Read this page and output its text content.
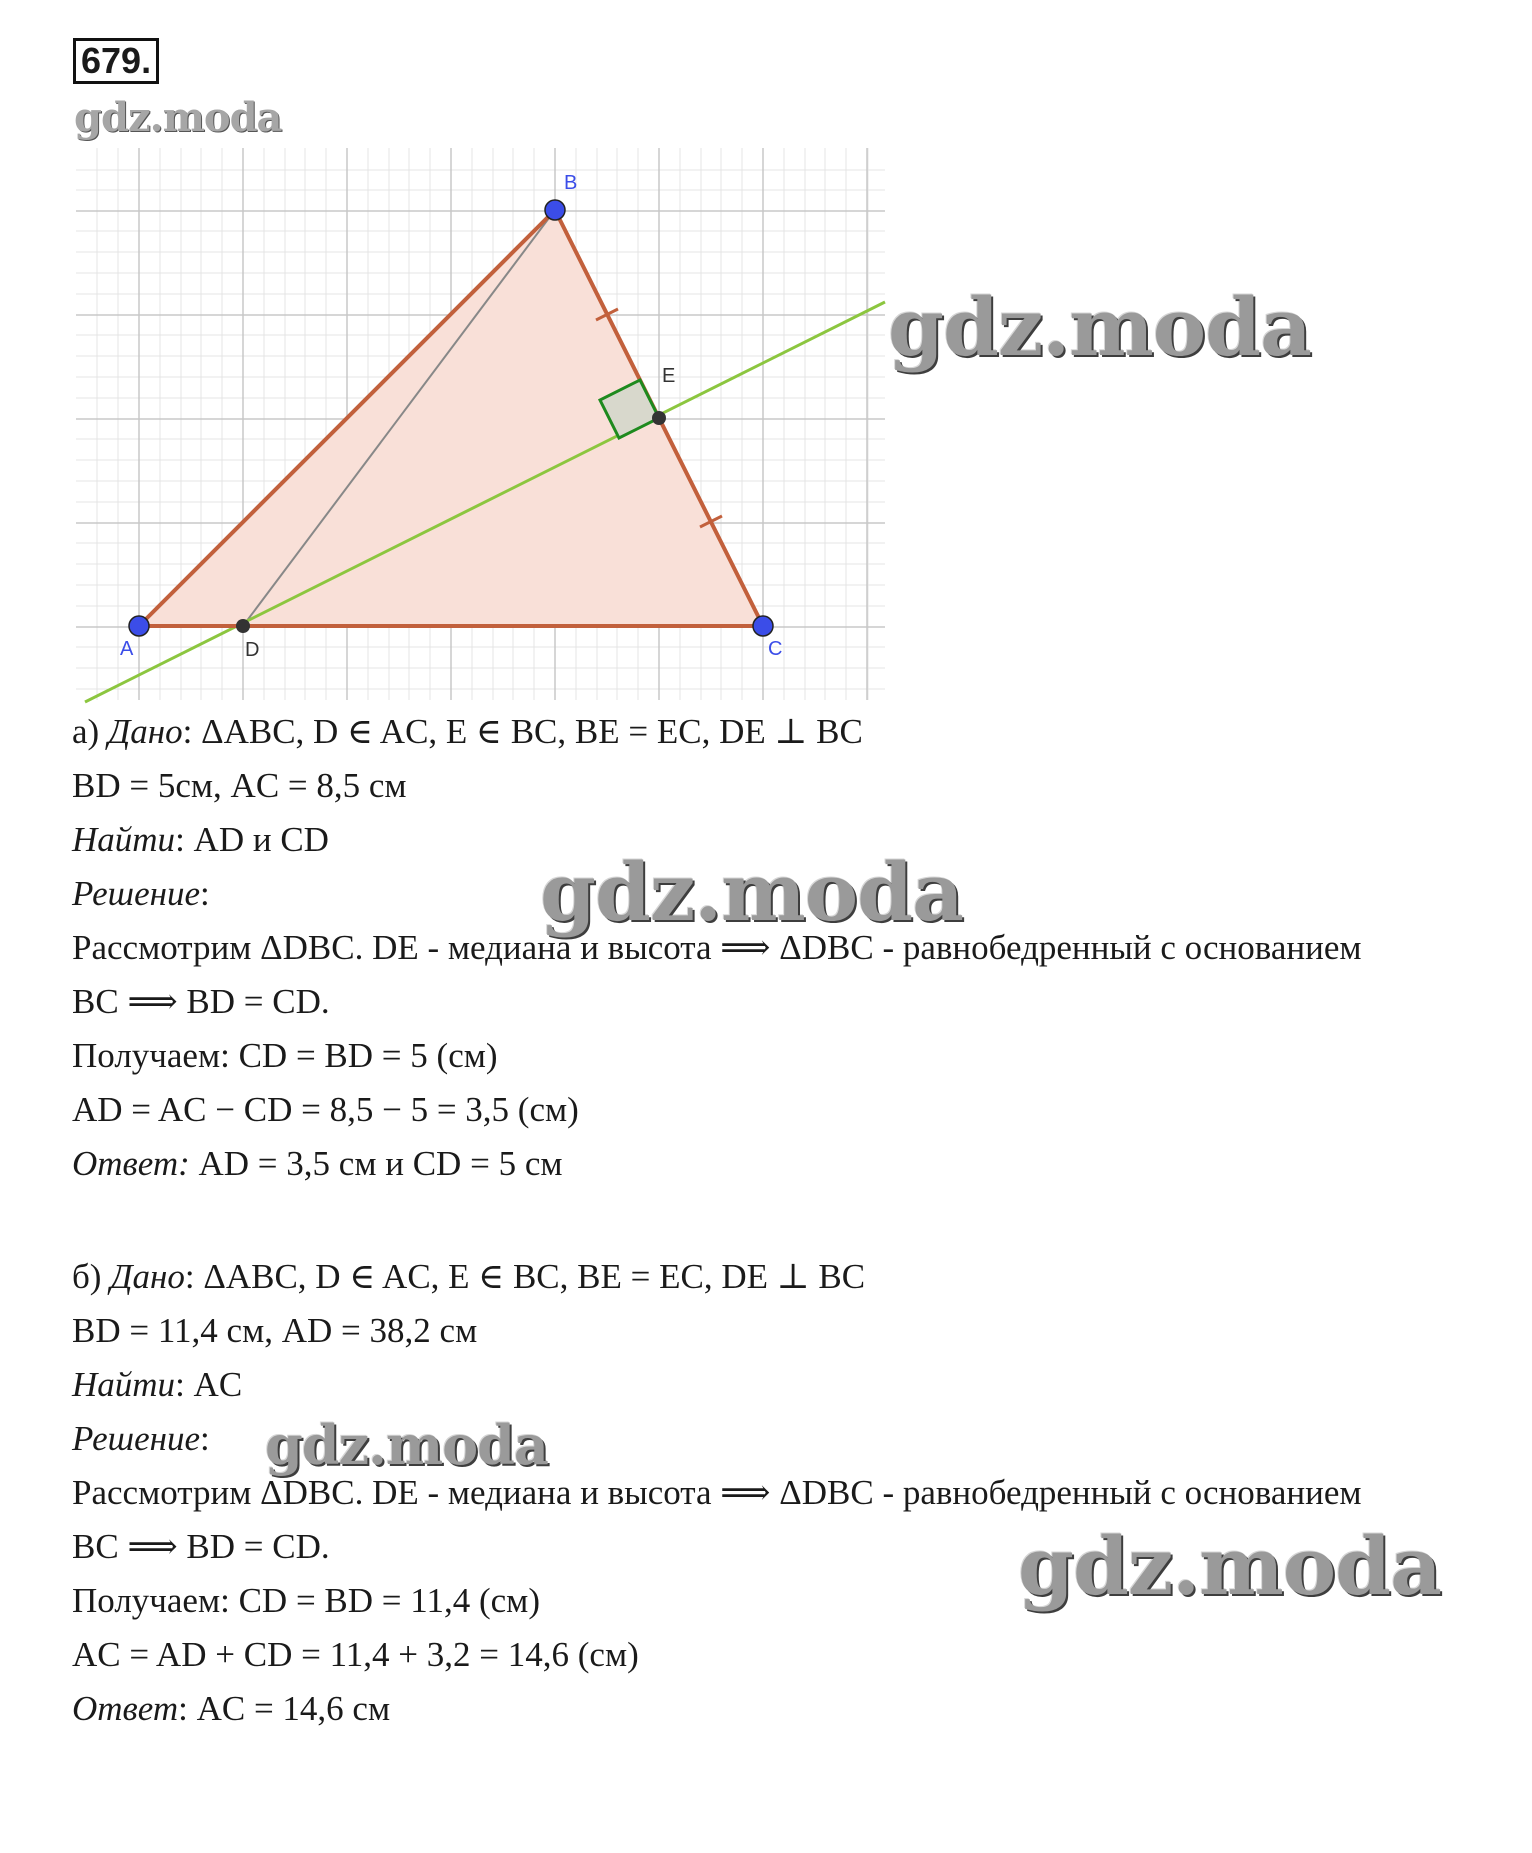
679.
gdz.moda
A
B
C
D
E
gdz.moda
а) Дано: ΔABC, D ∈ AC, E ∈ BC, BE = EC, DE ⊥ BC
BD = 5см, AC = 8,5 см
Найти: AD и CD
Решение:
Рассмотрим ΔDBC. DE - медиана и высота ⟹ ΔDBC - равнобедренный с основанием
BC ⟹ BD = CD.
Получаем: CD = BD = 5 (см)
AD = AC − CD = 8,5 − 5 = 3,5 (см)
Ответ: AD = 3,5 см и CD = 5 см
gdz.moda
б) Дано: ΔABC, D ∈ AC, E ∈ BC, BE = EC, DE ⊥ BC
BD = 11,4 см, AD = 38,2 см
Найти: AC
Решение:
Рассмотрим ΔDBC. DE - медиана и высота ⟹ ΔDBC - равнобедренный с основанием
BC ⟹ BD = CD.
Получаем: CD = BD = 11,4 (см)
AC = AD + CD = 11,4 + 3,2 = 14,6 (см)
Ответ: AC = 14,6 см
gdz.moda
gdz.moda
